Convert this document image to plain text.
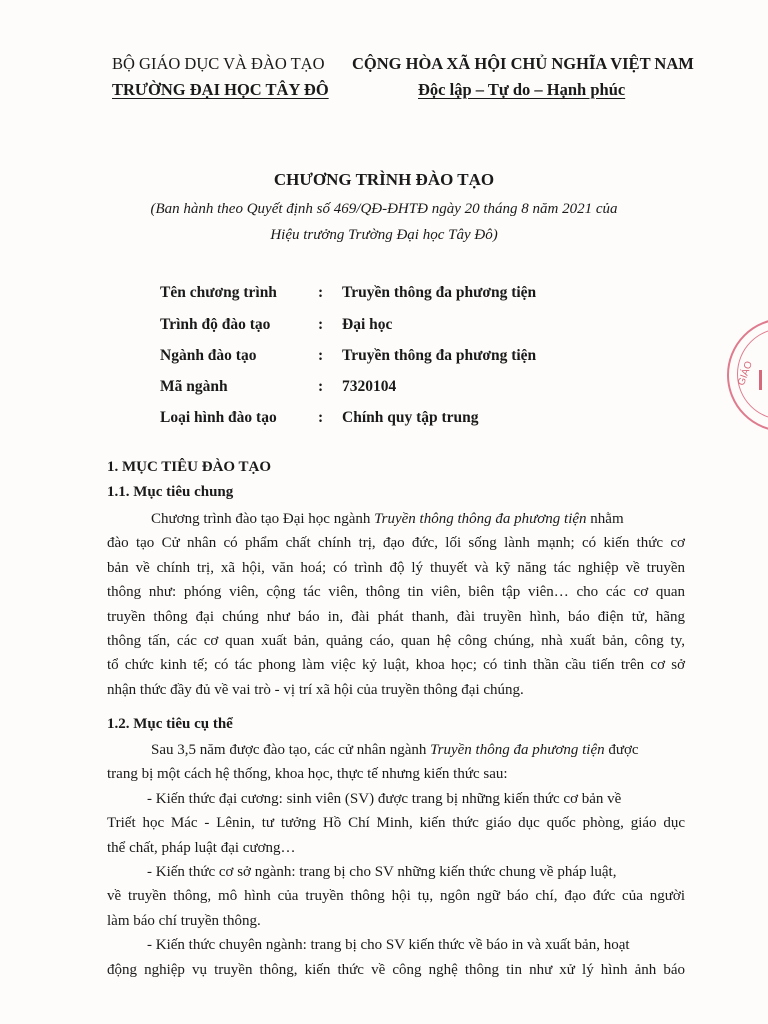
BỘ GIÁO DỤC VÀ ĐÀO TẠO
TRƯỜNG ĐẠI HỌC TÂY ĐÔ
CỘNG HÒA XÃ HỘI CHỦ NGHĨA VIỆT NAM
Độc lập – Tự do – Hạnh phúc
CHƯƠNG TRÌNH ĐÀO TẠO
(Ban hành theo Quyết định số 469/QĐ-ĐHTĐ ngày 20 tháng 8 năm 2021 của
Hiệu trưởng Trường Đại học Tây Đô)
Tên chương trình	: Truyền thông đa phương tiện
Trình độ đào tạo	: Đại học
Ngành đào tạo	: Truyền thông đa phương tiện
Mã ngành	: 7320104
Loại hình đào tạo	: Chính quy tập trung
1. MỤC TIÊU ĐÀO TẠO
1.1. Mục tiêu chung
Chương trình đào tạo Đại học ngành Truyền thông thông đa phương tiện nhằm
đào tạo Cử nhân có phẩm chất chính trị, đạo đức, lối sống lành mạnh; có kiến thức cơ
bản về chính trị, xã hội, văn hoá; có trình độ lý thuyết và kỹ năng tác nghiệp về truyền
thông như: phóng viên, cộng tác viên, thông tin viên, biên tập viên… cho các cơ quan
truyền thông đại chúng như báo in, đài phát thanh, đài truyền hình, báo điện tử, hãng
thông tấn, các cơ quan xuất bản, quảng cáo, quan hệ công chúng, nhà xuất bản, công ty,
tổ chức kinh tế; có tác phong làm việc kỷ luật, khoa học; có tinh thần cầu tiến trên cơ sở
nhận thức đầy đủ về vai trò - vị trí xã hội của truyền thông đại chúng.
1.2. Mục tiêu cụ thể
Sau 3,5 năm được đào tạo, các cử nhân ngành Truyền thông đa phương tiện được
trang bị một cách hệ thống, khoa học, thực tế nhưng kiến thức sau:
- Kiến thức đại cương: sinh viên (SV) được trang bị những kiến thức cơ bản về
Triết học Mác - Lênin, tư tưởng Hồ Chí Minh, kiến thức giáo dục quốc phòng, giáo dục
thể chất, pháp luật đại cương…
- Kiến thức cơ sở ngành: trang bị cho SV những kiến thức chung về pháp luật,
về truyền thông, mô hình của truyền thông hội tụ, ngôn ngữ báo chí, đạo đức của người
làm báo chí truyền thông.
- Kiến thức chuyên ngành: trang bị cho SV kiến thức về báo in và xuất bản, hoạt
động nghiệp vụ truyền thông, kiến thức về công nghệ thông tin như xử lý hình ảnh báo
GIÁO
